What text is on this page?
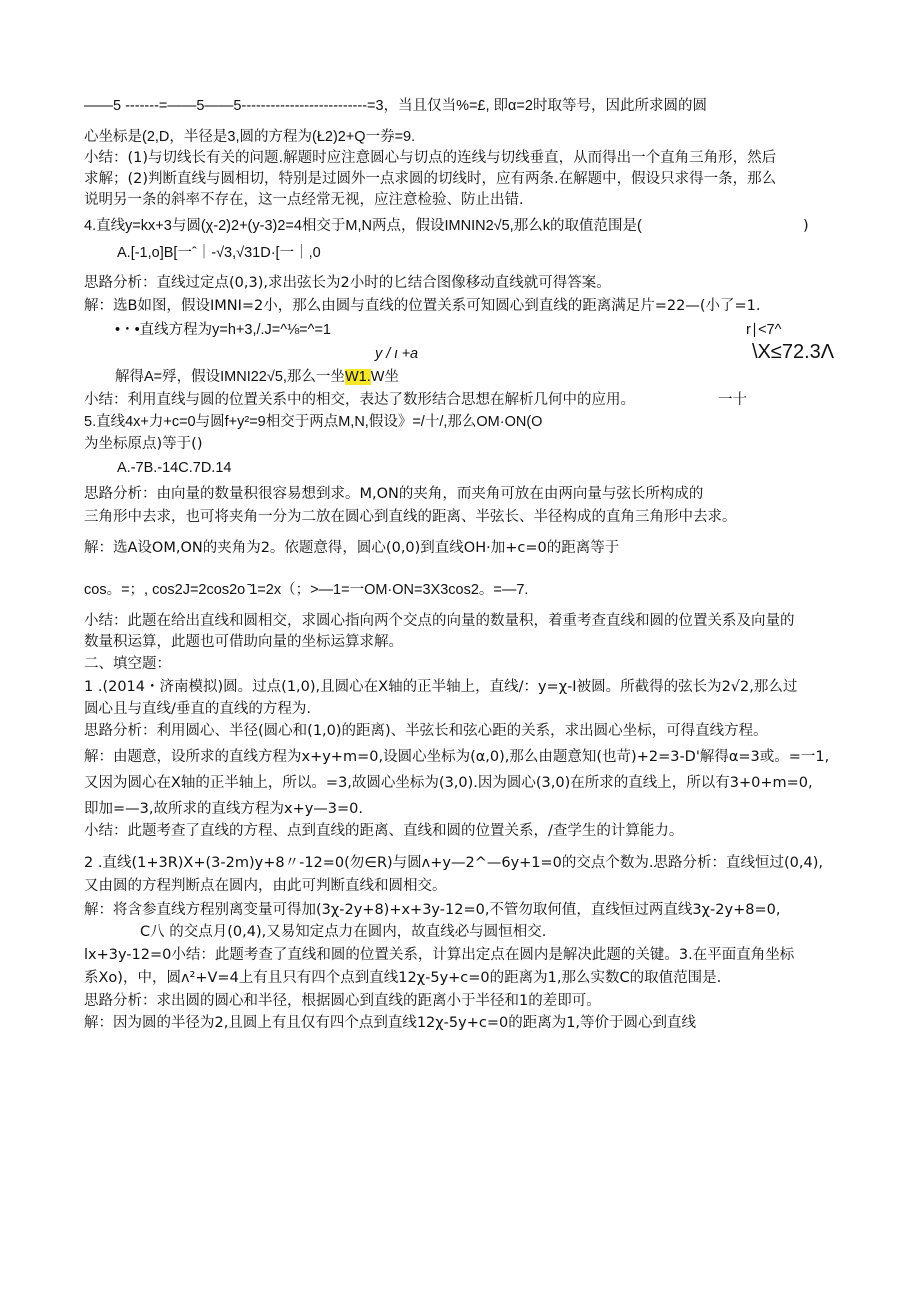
——5 -------=——5——5--------------------------=3，当且仅当%=£, 即α=2时取等号，因此所求圆的圆
心坐标是(2,D，半径是3,圆的方程为(Ł2)2+Q一券=9.
小结：(1)与切线长有关的问题.解题时应注意圆心与切点的连线与切线垂直，从而得出一个直角三角形，然后
求解；(2)判断直线与圆相切，特别是过圆外一点求圆的切线时，应有两条.在解题中，假设只求得一条，那么
说明另一条的斜率不存在，这一点经常无视，应注意检验、防止出错.
4.直线y=kx+3与圆(χ-2)2+(y-3)2=4相交于M,N两点，假设IMNIN2√5,那么k的取值范围是(	)
A.[-1,o]B[一ˆ｜-√3,√31D·[一｜,0
思路分析：直线过定点(0,3),求出弦长为2小时的匕结合图像移动直线就可得答案。
解：选B如图，假设IMNI=2小，那么由圆与直线的位置关系可知圆心到直线的距离满足片=22—(小了=1.
•・•直线方程为y=h+3,/.J=^⅛=^=1	r∣<7^
y / ι +a	\X≤72.3Λ
解得A=殍，假设IMNI22√5,那么一坐W1.W坐
小结：利用直线与圆的位置关系中的相交，表达了数形结合思想在解析几何中的应用。	一十
5.直线4x+力+c=0与圆f+y²=9相交于两点M,N,假设》=/十/,那么OM·ON(O
为坐标原点)等于()
A.-7B.-14C.7D.14
思路分析：由向量的数量积很容易想到求。M,ON的夹角，而夹角可放在由两向量与弦长所构成的
三角形中去求，也可将夹角一分为二放在圆心到直线的距离、半弦长、半径构成的直角三角形中去求。
解：选A设OM,ON的夹角为2。依题意得，圆心(0,0)到直线OH·加+c=0的距离等于
cos。=；, cos2J=2cos2ο ̄1=2x（；>—1=一OM·ON=3X3cos2。=—7.
小结：此题在给出直线和圆相交，求圆心指向两个交点的向量的数量积，着重考查直线和圆的位置关系及向量的
数量积运算，此题也可借助向量的坐标运算求解。
二、填空题：
1 .(2014・济南模拟)圆。过点(1,0),且圆心在X轴的正半轴上，直线/：y=χ-I被圆。所截得的弦长为2√2,那么过
圆心且与直线/垂直的直线的方程为.
思路分析：利用圆心、半径(圆心和(1,0)的距离)、半弦长和弦心距的关系，求出圆心坐标，可得直线方程。
解：由题意，设所求的直线方程为x+y+m=0,设圆心坐标为(α,0),那么由题意知(也苛)+2=3-D'解得α=3或。=一1,
又因为圆心在X轴的正半轴上，所以。=3,故圆心坐标为(3,0).因为圆心(3,0)在所求的直线上，所以有3+0+m=0,
即加=—3,故所求的直线方程为x+y—3=0.
小结：此题考查了直线的方程、点到直线的距离、直线和圆的位置关系，/查学生的计算能力。
2 .直线(1+3R)X+(3-2m)y+8〃-12=0(勿∈R)与圆ʌ+y—2^—6y+1=0的交点个数为.思路分析：直线恒过(0,4),
又由圆的方程判断点在圆内，由此可判断直线和圆相交。
解：将含参直线方程别离变量可得加(3χ-2y+8)+x+3y-12=0,不管勿取何值，直线恒过两直线3χ-2y+8=0,
C八 的交点月(0,4),又易知定点力在圆内，故直线必与圆恒相交.
lx+3y-12=0小结：此题考查了直线和圆的位置关系，计算出定点在圆内是解决此题的关键。3.在平面直角坐标
系Xo)，中，圆ʌ²+V=4上有且只有四个点到直线12χ-5y+c=0的距离为1,那么实数C的取值范围是.
思路分析：求出圆的圆心和半径，根据圆心到直线的距离小于半径和1的差即可。
解：因为圆的半径为2,且圆上有且仅有四个点到直线12χ-5y+c=0的距离为1,等价于圆心到直线
